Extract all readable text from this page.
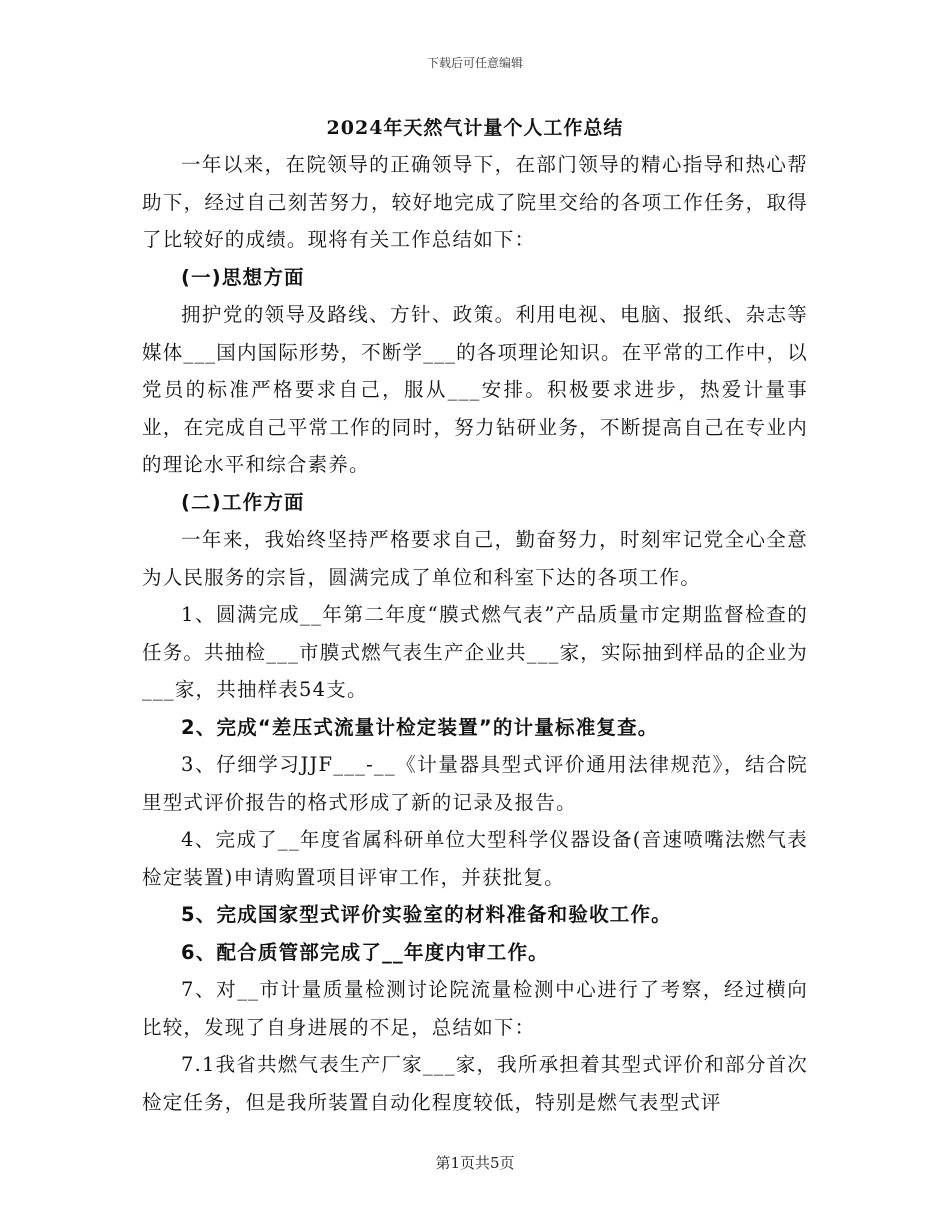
下载后可任意编辑
2024年天然气计量个人工作总结

一年以来，在院领导的正确领导下，在部门领导的精心指导和热心帮助下，经过自己刻苦努力，较好地完成了院里交给的各项工作任务，取得了比较好的成绩。现将有关工作总结如下：

(一)思想方面

拥护党的领导及路线、方针、政策。利用电视、电脑、报纸、杂志等媒体___国内国际形势，不断学___的各项理论知识。在平常的工作中，以党员的标准严格要求自己，服从___安排。积极要求进步，热爱计量事业，在完成自己平常工作的同时，努力钻研业务，不断提高自己在专业内的理论水平和综合素养。

(二)工作方面

一年来，我始终坚持严格要求自己，勤奋努力，时刻牢记党全心全意为人民服务的宗旨，圆满完成了单位和科室下达的各项工作。

1、圆满完成__年第二年度“膜式燃气表”产品质量市定期监督检查的任务。共抽检___市膜式燃气表生产企业共___家，实际抽到样品的企业为___家，共抽样表54支。

2、完成“差压式流量计检定装置”的计量标准复查。

3、仔细学习JJF___-__《计量器具型式评价通用法律规范》，结合院里型式评价报告的格式形成了新的记录及报告。

4、完成了__年度省属科研单位大型科学仪器设备(音速喷嘴法燃气表检定装置)申请购置项目评审工作，并获批复。

5、完成国家型式评价实验室的材料准备和验收工作。

6、配合质管部完成了__年度内审工作。

7、对__市计量质量检测讨论院流量检测中心进行了考察，经过横向比较，发现了自身进展的不足，总结如下：

7.1我省共燃气表生产厂家___家，我所承担着其型式评价和部分首次检定任务，但是我所装置自动化程度较低，特别是燃气表型式评

第1页共5页
